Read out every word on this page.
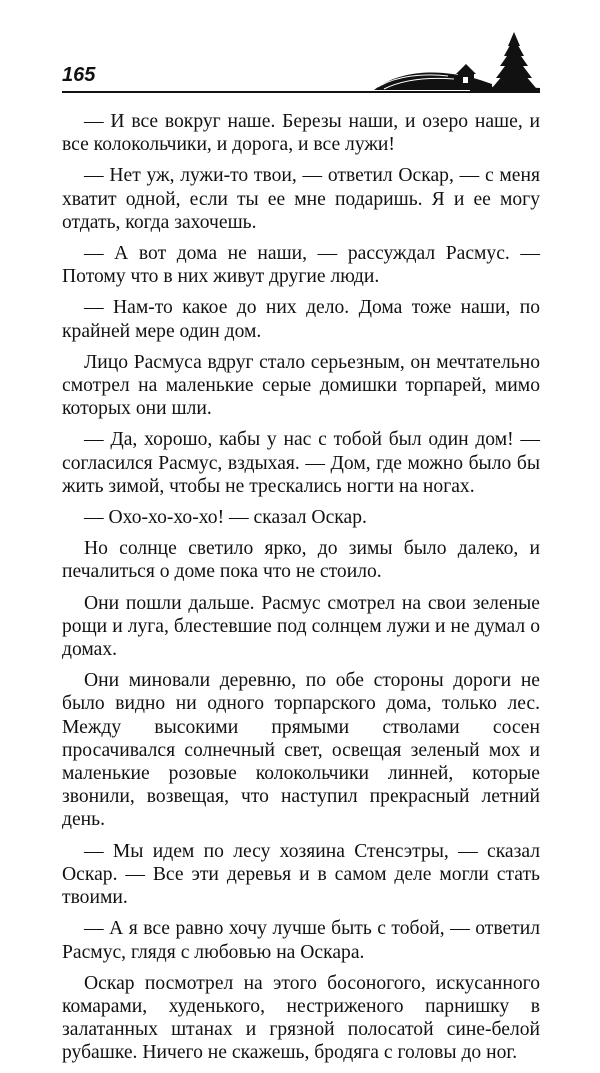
165

— И все вокруг наше. Березы наши, и озеро наше, и все колокольчики, и дорога, и все лужи!

— Нет уж, лужи-то твои, — ответил Оскар, — с меня хватит одной, если ты ее мне подаришь. Я и ее могу отдать, когда захочешь.

— А вот дома не наши, — рассуждал Расмус. — Потому что в них живут другие люди.

— Нам-то какое до них дело. Дома тоже наши, по крайней мере один дом.

Лицо Расмуса вдруг стало серьезным, он мечтательно смотрел на маленькие серые домишки торпарей, мимо которых они шли.

— Да, хорошо, кабы у нас с тобой был один дом! — согласился Расмус, вздыхая. — Дом, где можно было бы жить зимой, чтобы не трескались ногти на ногах.

— Охо-хо-хо-хо! — сказал Оскар.

Но солнце светило ярко, до зимы было далеко, и печалиться о доме пока что не стоило.

Они пошли дальше. Расмус смотрел на свои зеленые рощи и луга, блестевшие под солнцем лужи и не думал о домах.

Они миновали деревню, по обе стороны дороги не было видно ни одного торпарского дома, только лес. Между высокими прямыми стволами сосен просачивался солнечный свет, освещая зеленый мох и маленькие розовые колокольчики линней, которые звонили, возвещая, что наступил прекрасный летний день.

— Мы идем по лесу хозяина Стенсэтры, — сказал Оскар. — Все эти деревья и в самом деле могли стать твоими.

— А я все равно хочу лучше быть с тобой, — ответил Расмус, глядя с любовью на Оскара.

Оскар посмотрел на этого босоногого, искусанного комарами, худенького, нестриженого парнишку в залатанных штанах и грязной полосатой сине-белой рубашке. Ничего не скажешь, бродяга с головы до ног.
